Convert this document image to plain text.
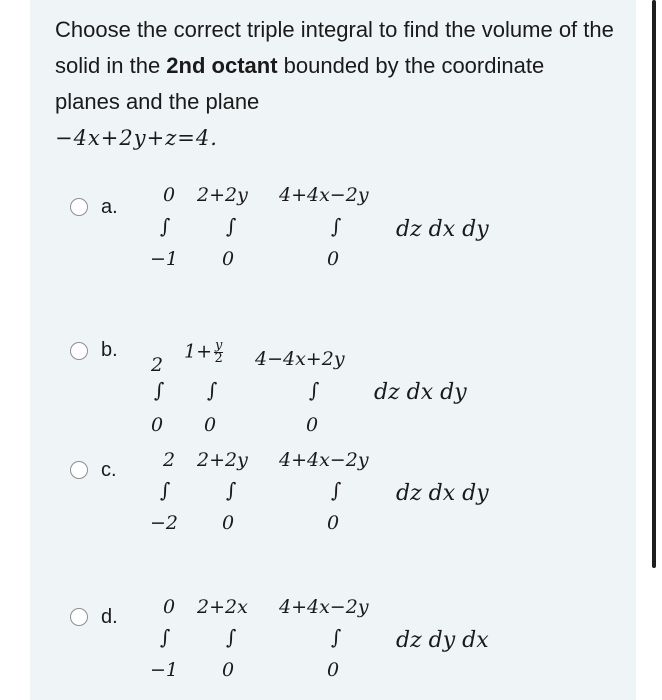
Choose the correct triple integral to find the volume of the solid in the 2nd octant bounded by the coordinate planes and the plane
−4x+2y+z=4.
a.
0
∫
−1
2+2y
∫
0
4+4x−2y
∫
0
dz dx dy
b.
2
∫
0
$1+ \frac{y}{2}$
∫
0
4−4x+2y
∫
0
dz dx dy
c. 2
∫
−2
2+2y
∫
0
4+4x−2y
∫
0
dz dx dy
d. 0
∫
−1
2+2x
∫
0
4+4x−2y
∫
0
dz dy dx
